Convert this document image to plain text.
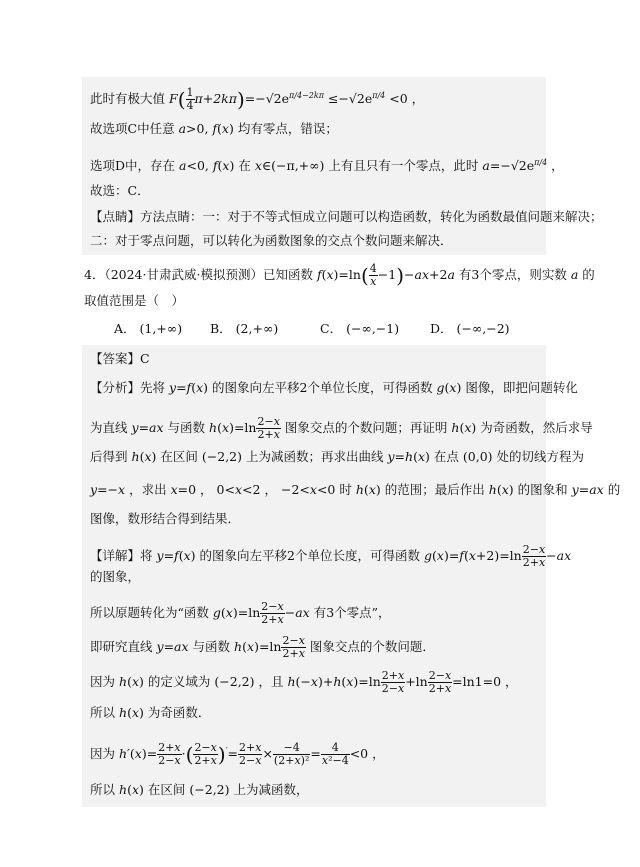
此时有极大值 $F( \frac{1}{4} \pi+2k\pi)=-√2e^{\pi/4-2k\pi} \le-√2e^{\pi/4} <0$ ，
故选项C中任意 a>0, f(x) 均有零点，错误；
选项D中，存在 a<0, f(x) 在 x∈(−π,+∞) 上有且只有一个零点，此时 $a=-√2e^{\pi/4}$ ，
故选：C．
【点睛】方法点睛：一：对于不等式恒成立问题可以构造函数，转化为函数最值问题来解决；
二：对于零点问题，可以转化为函数图象的交点个数问题来解决．
4．（2024·甘肃武威·模拟预测）已知函数 $f(x)=\ln( \frac{4}{x} -1)-ax+2a$ 有3个零点，则实数 a 的
取值范围是（　）
A． (1,+∞) B． (2,+∞)	C． (−∞,−1) D． (−∞,−2)
【答案】C
【分析】先将 y=f(x) 的图象向左平移2个单位长度，可得函数 g(x) 图像，即把问题转化
为直线 y=ax 与函数 $h(x)=\ln \frac{2-x}{2+x}$ 图象交点的个数问题；再证明 h(x) 为奇函数，然后求导
后得到 h(x) 在区间 (−2,2) 上为减函数；再求出曲线 y=h(x) 在点 (0,0) 处的切线方程为
y=−x ，求出 x=0 ， 0<x<2 ， −2<x<0 时 h(x) 的范围；最后作出 h(x) 的图象和 y=ax 的
图像，数形结合得到结果．
【详解】将 y=f(x) 的图象向左平移2个单位长度，可得函数 $g(x)=f(x+2)=\ln \frac{2-x}{2+x} -ax$
的图象，
所以原题转化为“函数 $g(x)=\ln \frac{2-x}{2+x} -ax$ 有3个零点”，
即研究直线 y=ax 与函数 $h(x)=\ln \frac{2-x}{2+x}$ 图象交点的个数问题．
因为 h(x) 的定义域为 (−2,2) ，且 $h(-x)+h(x)=\ln \frac{2+x}{2-x} +\ln \frac{2-x}{2+x} =\ln 1=0$ ，
所以 h(x) 为奇函数．
因为 $h'(x)= \frac{2+x}{2-x}$ ·( $\frac{2-x}{2+x} )'= \frac{2+x}{2-x} \times \frac{-4}{\text{(2+x)²}} = \frac{4}{\text{x²−4}} <0$ ，
所以 h(x) 在区间 (−2,2) 上为减函数，
